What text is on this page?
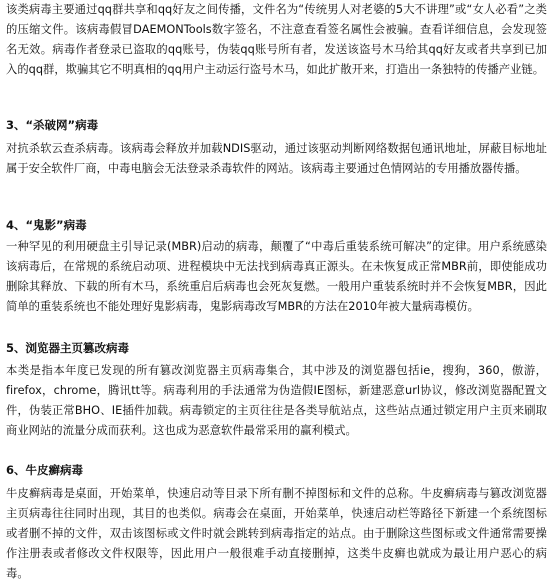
该类病毒主要通过qq群共享和qq好友之间传播，文件名为“传统男人对老婆的5大不讲理”或“女人必看”之类的压缩文件。该病毒假冒DAEMONTools数字签名，不注意查看签名属性会被骗。查看详细信息，会发现签名无效。病毒作者登录已盗取的qq账号，伪装qq账号所有者，发送该盗号木马给其qq好友或者共享到已加入的qq群，欺骗其它不明真相的qq用户主动运行盗号木马，如此扩散开来，打造出一条独特的传播产业链。

3、“杀破网”病毒

对抗杀软云查杀病毒。该病毒会释放并加载NDIS驱动，通过该驱动判断网络数据包通讯地址，屏蔽目标地址属于安全软件厂商，中毒电脑会无法登录杀毒软件的网站。该病毒主要通过色情网站的专用播放器传播。

4、“鬼影”病毒

一种罕见的利用硬盘主引导记录(MBR)启动的病毒，颠覆了“中毒后重装系统可解决”的定律。用户系统感染该病毒后，在常规的系统启动项、进程模块中无法找到病毒真正源头。在未恢复成正常MBR前，即使能成功删除其释放、下载的所有木马，系统重启后病毒也会死灰复燃。一般用户重装系统时并不会恢复MBR，因此简单的重装系统也不能处理好鬼影病毒，鬼影病毒改写MBR的方法在2010年被大量病毒模仿。

5、浏览器主页篡改病毒

本类是指本年度已发现的所有篡改浏览器主页病毒集合，其中涉及的浏览器包括ie，搜狗，360，傲游，firefox，chrome，腾讯tt等。病毒利用的手法通常为伪造假IE图标，新建恶意url协议，修改浏览器配置文件，伪装正常BHO、IE插件加载。病毒锁定的主页往往是各类导航站点，这些站点通过锁定用户主页来刷取商业网站的流量分成而获利。这也成为恶意软件最常采用的赢利模式。

6、牛皮癣病毒

牛皮癣病毒是桌面，开始菜单，快速启动等目录下所有删不掉图标和文件的总称。牛皮癣病毒与篡改浏览器主页病毒往往同时出现，其目的也类似。病毒会在桌面，开始菜单，快速启动栏等路径下新建一个系统图标或者删不掉的文件，双击该图标或文件时就会跳转到病毒指定的站点。由于删除这些图标或文件通常需要操作注册表或者修改文件权限等，因此用户一般很难手动直接删掉，这类牛皮癣也就成为最让用户恶心的病毒。
